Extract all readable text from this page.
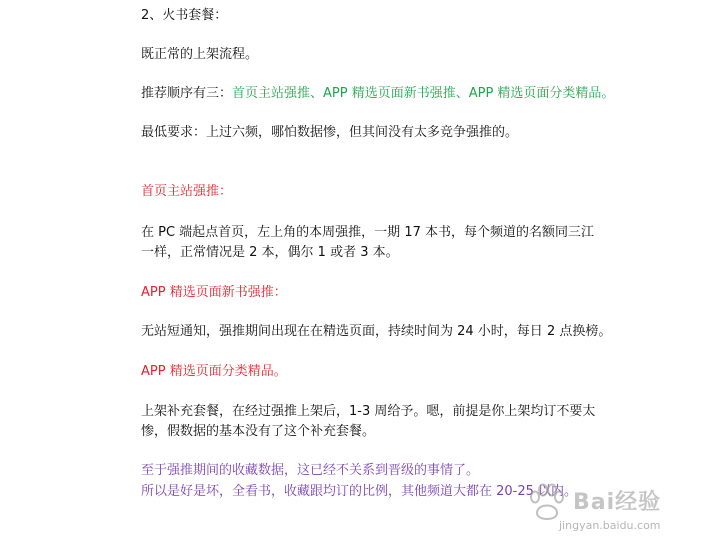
2、火书套餐：
既正常的上架流程。
推荐顺序有三：首页主站强推、APP 精选页面新书强推、APP 精选页面分类精品。
最低要求：上过六频，哪怕数据惨，但其间没有太多竞争强推的。
首页主站强推：
在 PC 端起点首页，左上角的本周强推，一期 17 本书，每个频道的名额同三江
一样，正常情况是 2 本，偶尔 1 或者 3 本。
APP 精选页面新书强推：
无站短通知，强推期间出现在在精选页面，持续时间为 24 小时，每日 2 点换榜。
APP 精选页面分类精品。
上架补充套餐，在经过强推上架后，1-3 周给予。嗯，前提是你上架均订不要太
惨，假数据的基本没有了这个补充套餐。
至于强推期间的收藏数据，这已经不关系到晋级的事情了。
所以是好是坏，全看书，收藏跟均订的比例，其他频道大都在 20-25 以内。
Bai经验
jingyan.baidu.com
